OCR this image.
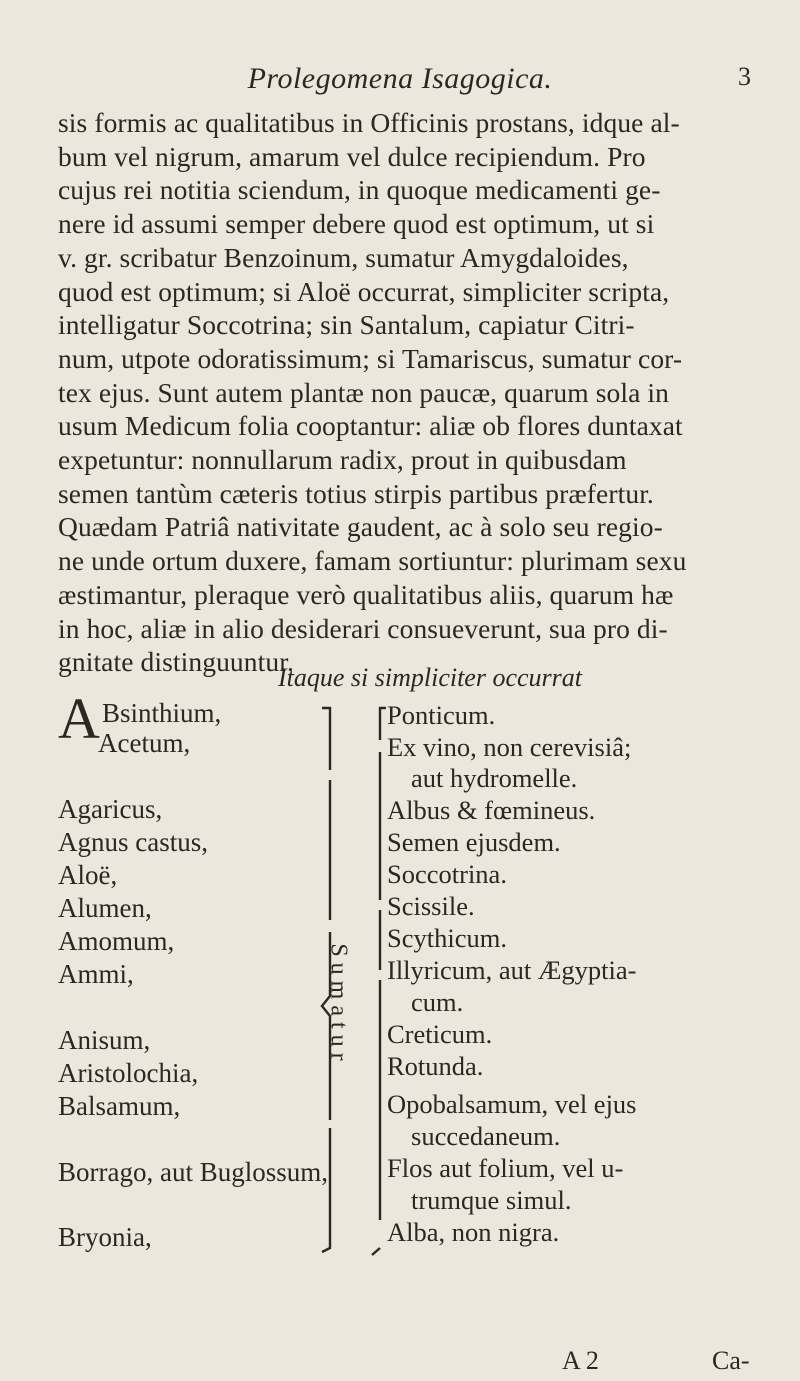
Prolegomena Isagogica.	3
sis formis ac qualitatibus in Officinis prostans, idque al-
bum vel nigrum, amarum vel dulce recipiendum. Pro
cujus rei notitia sciendum, in quoque medicamenti ge-
nere id assumi semper debere quod est optimum, ut si
v. gr. scribatur Benzoinum, sumatur Amygdaloides,
quod est optimum; si Aloë occurrat, simpliciter scripta,
intelligatur Soccotrina; sin Santalum, capiatur Citri-
num, utpote odoratissimum; si Tamariscus, sumatur cor-
tex ejus. Sunt autem plantæ non paucæ, quarum sola in
usum Medicum folia cooptantur: aliæ ob flores duntaxat
expetuntur: nonnullarum radix, prout in quibusdam
semen tantùm cæteris totius stirpis partibus præfertur.
Quædam Patriâ nativitate gaudent, ac à solo seu regio-
ne unde ortum duxere, famam sortiuntur: plurimam sexu
æstimantur, pleraque verò qualitatibus aliis, quarum hæ
in hoc, aliæ in alio desiderari consueverunt, sua pro di-
gnitate distinguuntur.
Itaque si simpliciter occurrat
A Bsinthium,
Acetum,
Agaricus,
Agnus castus,
Aloë,
Alumen,
Amomum,
Ammi,
Anisum,
Aristolochia,
Balsamum,
Borrago, aut Buglossum,
Bryonia,
Sumatur
Ponticum.
Ex vino, non cerevisiâ;
aut hydromelle.
Albus & fœmineus.
Semen ejusdem.
Soccotrina.
Scissile.
Scythicum.
Illyricum, aut Ægyptia-
cum.
Creticum.
Rotunda.
Opobalsamum, vel ejus
succedaneum.
Flos aut folium, vel u-
trumque simul.
Alba, non nigra.
A 2	Ca-
